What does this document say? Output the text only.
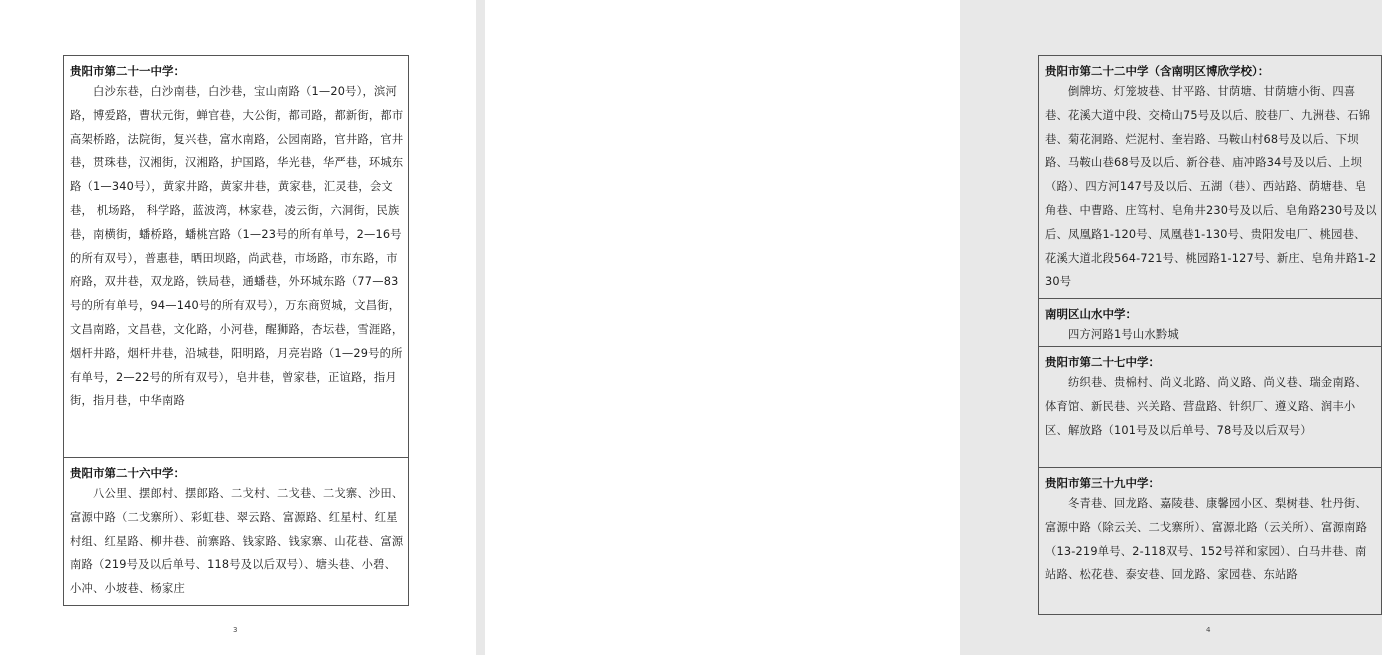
贵阳市第二十一中学：

白沙东巷，白沙南巷，白沙巷，宝山南路（1—20号），滨河路，博爱路，曹状元街，蝉官巷，大公街，都司路，都新街，都市高架桥路，法院街，复兴巷，富水南路，公园南路，官井路，官井巷，贯珠巷，汉湘街，汉湘路，护国路，华光巷，华严巷，环城东路（1—340号），黄家井路，黄家井巷，黄家巷，汇灵巷，会文巷， 机场路， 科学路，蓝波湾，林家巷，凌云街，六洞街，民族巷，南横街，蟠桥路，蟠桃宫路（1—23号的所有单号，2—16号的所有双号），普惠巷，晒田坝路，尚武巷，市场路，市东路，市府路，双井巷，双龙路，铁局巷，通蟠巷，外环城东路（77—83号的所有单号，94—140号的所有双号），万东商贸城，文昌街，文昌南路，文昌巷，文化路，小河巷，醒狮路，杏坛巷，雪涯路，烟杆井路，烟杆井巷，沿城巷，阳明路，月亮岩路（1—29号的所有单号，2—22号的所有双号），皂井巷，曾家巷，正谊路，指月街，指月巷，中华南路

贵阳市第二十六中学：

八公里、摆郎村、摆郎路、二戈村、二戈巷、二戈寨、沙田、富源中路（二戈寨所）、彩虹巷、翠云路、富源路、红星村、红星村组、红星路、柳井巷、前寨路、钱家路、钱家寨、山花巷、富源南路（219号及以后单号、118号及以后双号）、塘头巷、小碧、小冲、小坡巷、杨家庄

3
贵阳市第二十二中学（含南明区博欣学校）：

倒牌坊、灯笼坡巷、甘平路、甘荫塘、甘荫塘小街、四喜巷、花溪大道中段、交椅山75号及以后、胶巷厂、九洲巷、石锦巷、菊花洞路、烂泥村、奎岩路、马鞍山村68号及以后、下坝路、马鞍山巷68号及以后、新谷巷、庙冲路34号及以后、上坝（路）、四方河147号及以后、五湖（巷）、西站路、荫塘巷、皂角巷、中曹路、庄笃村、皂角井230号及以后、皂角路230号及以后、凤凰路1-120号、凤凰巷1-130号、贵阳发电厂、桃园巷、花溪大道北段564-721号、桃园路1-127号、新庄、皂角井路1-230号

南明区山水中学：

四方河路1号山水黔城

贵阳市第二十七中学：

纺织巷、贵棉村、尚义北路、尚义路、尚义巷、瑞金南路、体育馆、新民巷、兴关路、营盘路、针织厂、遵义路、润丰小区、解放路（101号及以后单号、78号及以后双号）

贵阳市第三十九中学：

冬青巷、回龙路、嘉陵巷、康馨园小区、梨树巷、牡丹街、富源中路（除云关、二戈寨所）、富源北路（云关所）、富源南路（13-219单号、2-118双号、152号祥和家园）、白马井巷、南站路、松花巷、泰安巷、回龙路、家园巷、东站路

4
